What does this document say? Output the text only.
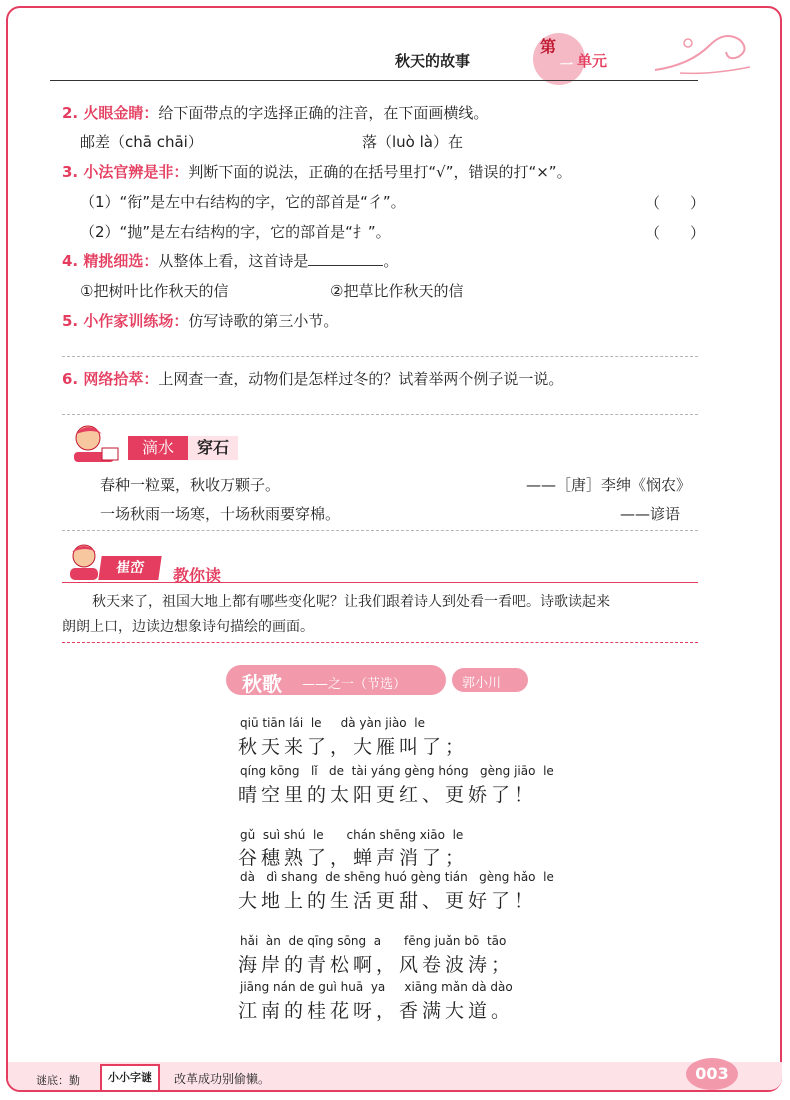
秋天的故事
第
一 单元
2. 火眼金睛：给下面带点的字选择正确的注音，在下面画横线。
邮差（chā chāi）	落（luò là）在
3. 小法官辨是非：判断下面的说法，正确的在括号里打“√”，错误的打“×”。
（1）“衔”是左中右结构的字，它的部首是“彳”。	（　　）
（2）“抛”是左右结构的字，它的部首是“扌”。	（　　）
4. 精挑细选：从整体上看，这首诗是	。
①把树叶比作秋天的信	②把草比作秋天的信
5. 小作家训练场：仿写诗歌的第三小节。
6. 网络拾萃：上网查一查，动物们是怎样过冬的？试着举两个例子说一说。
滴水	穿石
春种一粒粟，秋收万颗子。	——［唐］李绅《悯农》
一场秋雨一场寒，十场秋雨要穿棉。	——谚语
崔峦	教你读
秋天来了，祖国大地上都有哪些变化呢？让我们跟着诗人到处看一看吧。诗歌读起来
朗朗上口，边读边想象诗句描绘的画面。
秋歌 ——之一（节选）	郭小川
qiū tiān lái  le     dà yàn jiào  le
秋天来了，大雁叫了；
qíng kōng   lǐ   de  tài yáng gèng hóng   gèng jiāo  le
晴空里的太阳更红、更娇了！
gǔ  suì shú  le      chán shēng xiāo  le
谷穗熟了，蝉声消了；
dà   dì shang  de shēng huó gèng tián   gèng hǎo  le
大地上的生活更甜、更好了！
hǎi  àn  de qīng sōng  a      fēng juǎn bō  tāo
海岸的青松啊，风卷波涛；
jiāng nán de guì huā  ya     xiāng mǎn dà dào
江南的桂花呀，香满大道。
谜底：勤	小小字谜	改革成功别偷懒。	003
